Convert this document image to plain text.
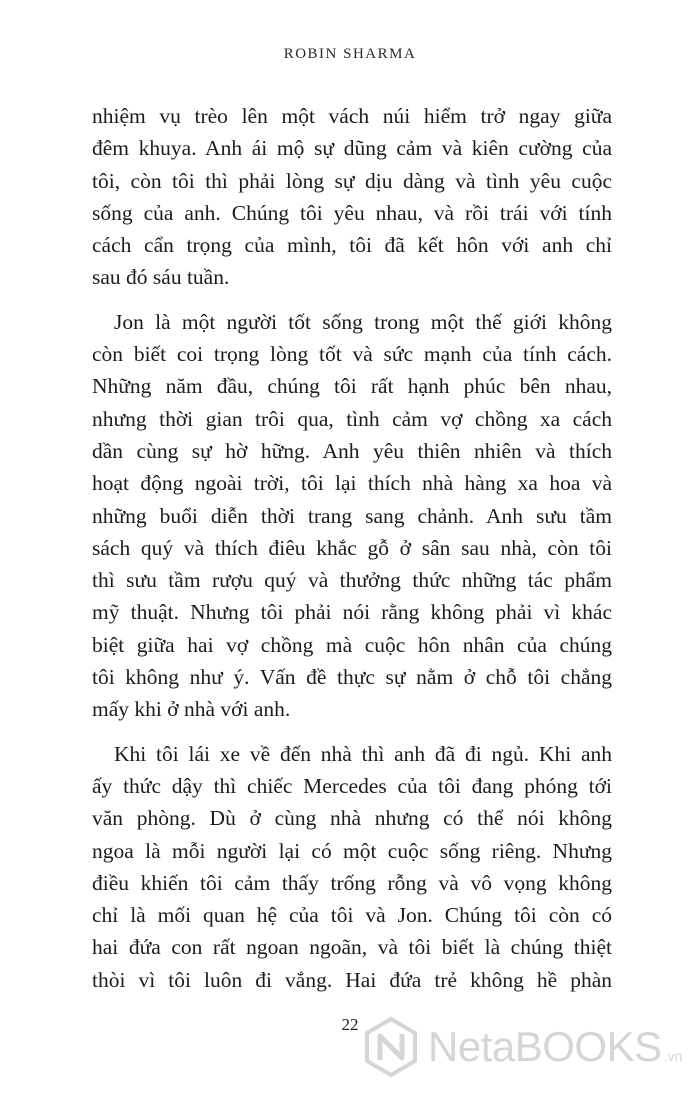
ROBIN SHARMA
nhiệm vụ trèo lên một vách núi hiểm trở ngay giữa
đêm khuya. Anh ái mộ sự dũng cảm và kiên cường của
tôi, còn tôi thì phải lòng sự dịu dàng và tình yêu cuộc
sống của anh. Chúng tôi yêu nhau, và rồi trái với tính
cách cẩn trọng của mình, tôi đã kết hôn với anh chỉ
sau đó sáu tuần.
Jon là một người tốt sống trong một thế giới không
còn biết coi trọng lòng tốt và sức mạnh của tính cách.
Những năm đầu, chúng tôi rất hạnh phúc bên nhau,
nhưng thời gian trôi qua, tình cảm vợ chồng xa cách
dần cùng sự hờ hững. Anh yêu thiên nhiên và thích
hoạt động ngoài trời, tôi lại thích nhà hàng xa hoa và
những buổi diễn thời trang sang chảnh. Anh sưu tầm
sách quý và thích điêu khắc gỗ ở sân sau nhà, còn tôi
thì sưu tầm rượu quý và thưởng thức những tác phẩm
mỹ thuật. Nhưng tôi phải nói rằng không phải vì khác
biệt giữa hai vợ chồng mà cuộc hôn nhân của chúng
tôi không như ý. Vấn đề thực sự nằm ở chỗ tôi chẳng
mấy khi ở nhà với anh.
Khi tôi lái xe về đến nhà thì anh đã đi ngủ. Khi anh
ấy thức dậy thì chiếc Mercedes của tôi đang phóng tới
văn phòng. Dù ở cùng nhà nhưng có thể nói không
ngoa là mỗi người lại có một cuộc sống riêng. Nhưng
điều khiến tôi cảm thấy trống rỗng và vô vọng không
chỉ là mối quan hệ của tôi và Jon. Chúng tôi còn có
hai đứa con rất ngoan ngoãn, và tôi biết là chúng thiệt
thòi vì tôi luôn đi vắng. Hai đứa trẻ không hề phàn
22	NetaBOOKS .vn
